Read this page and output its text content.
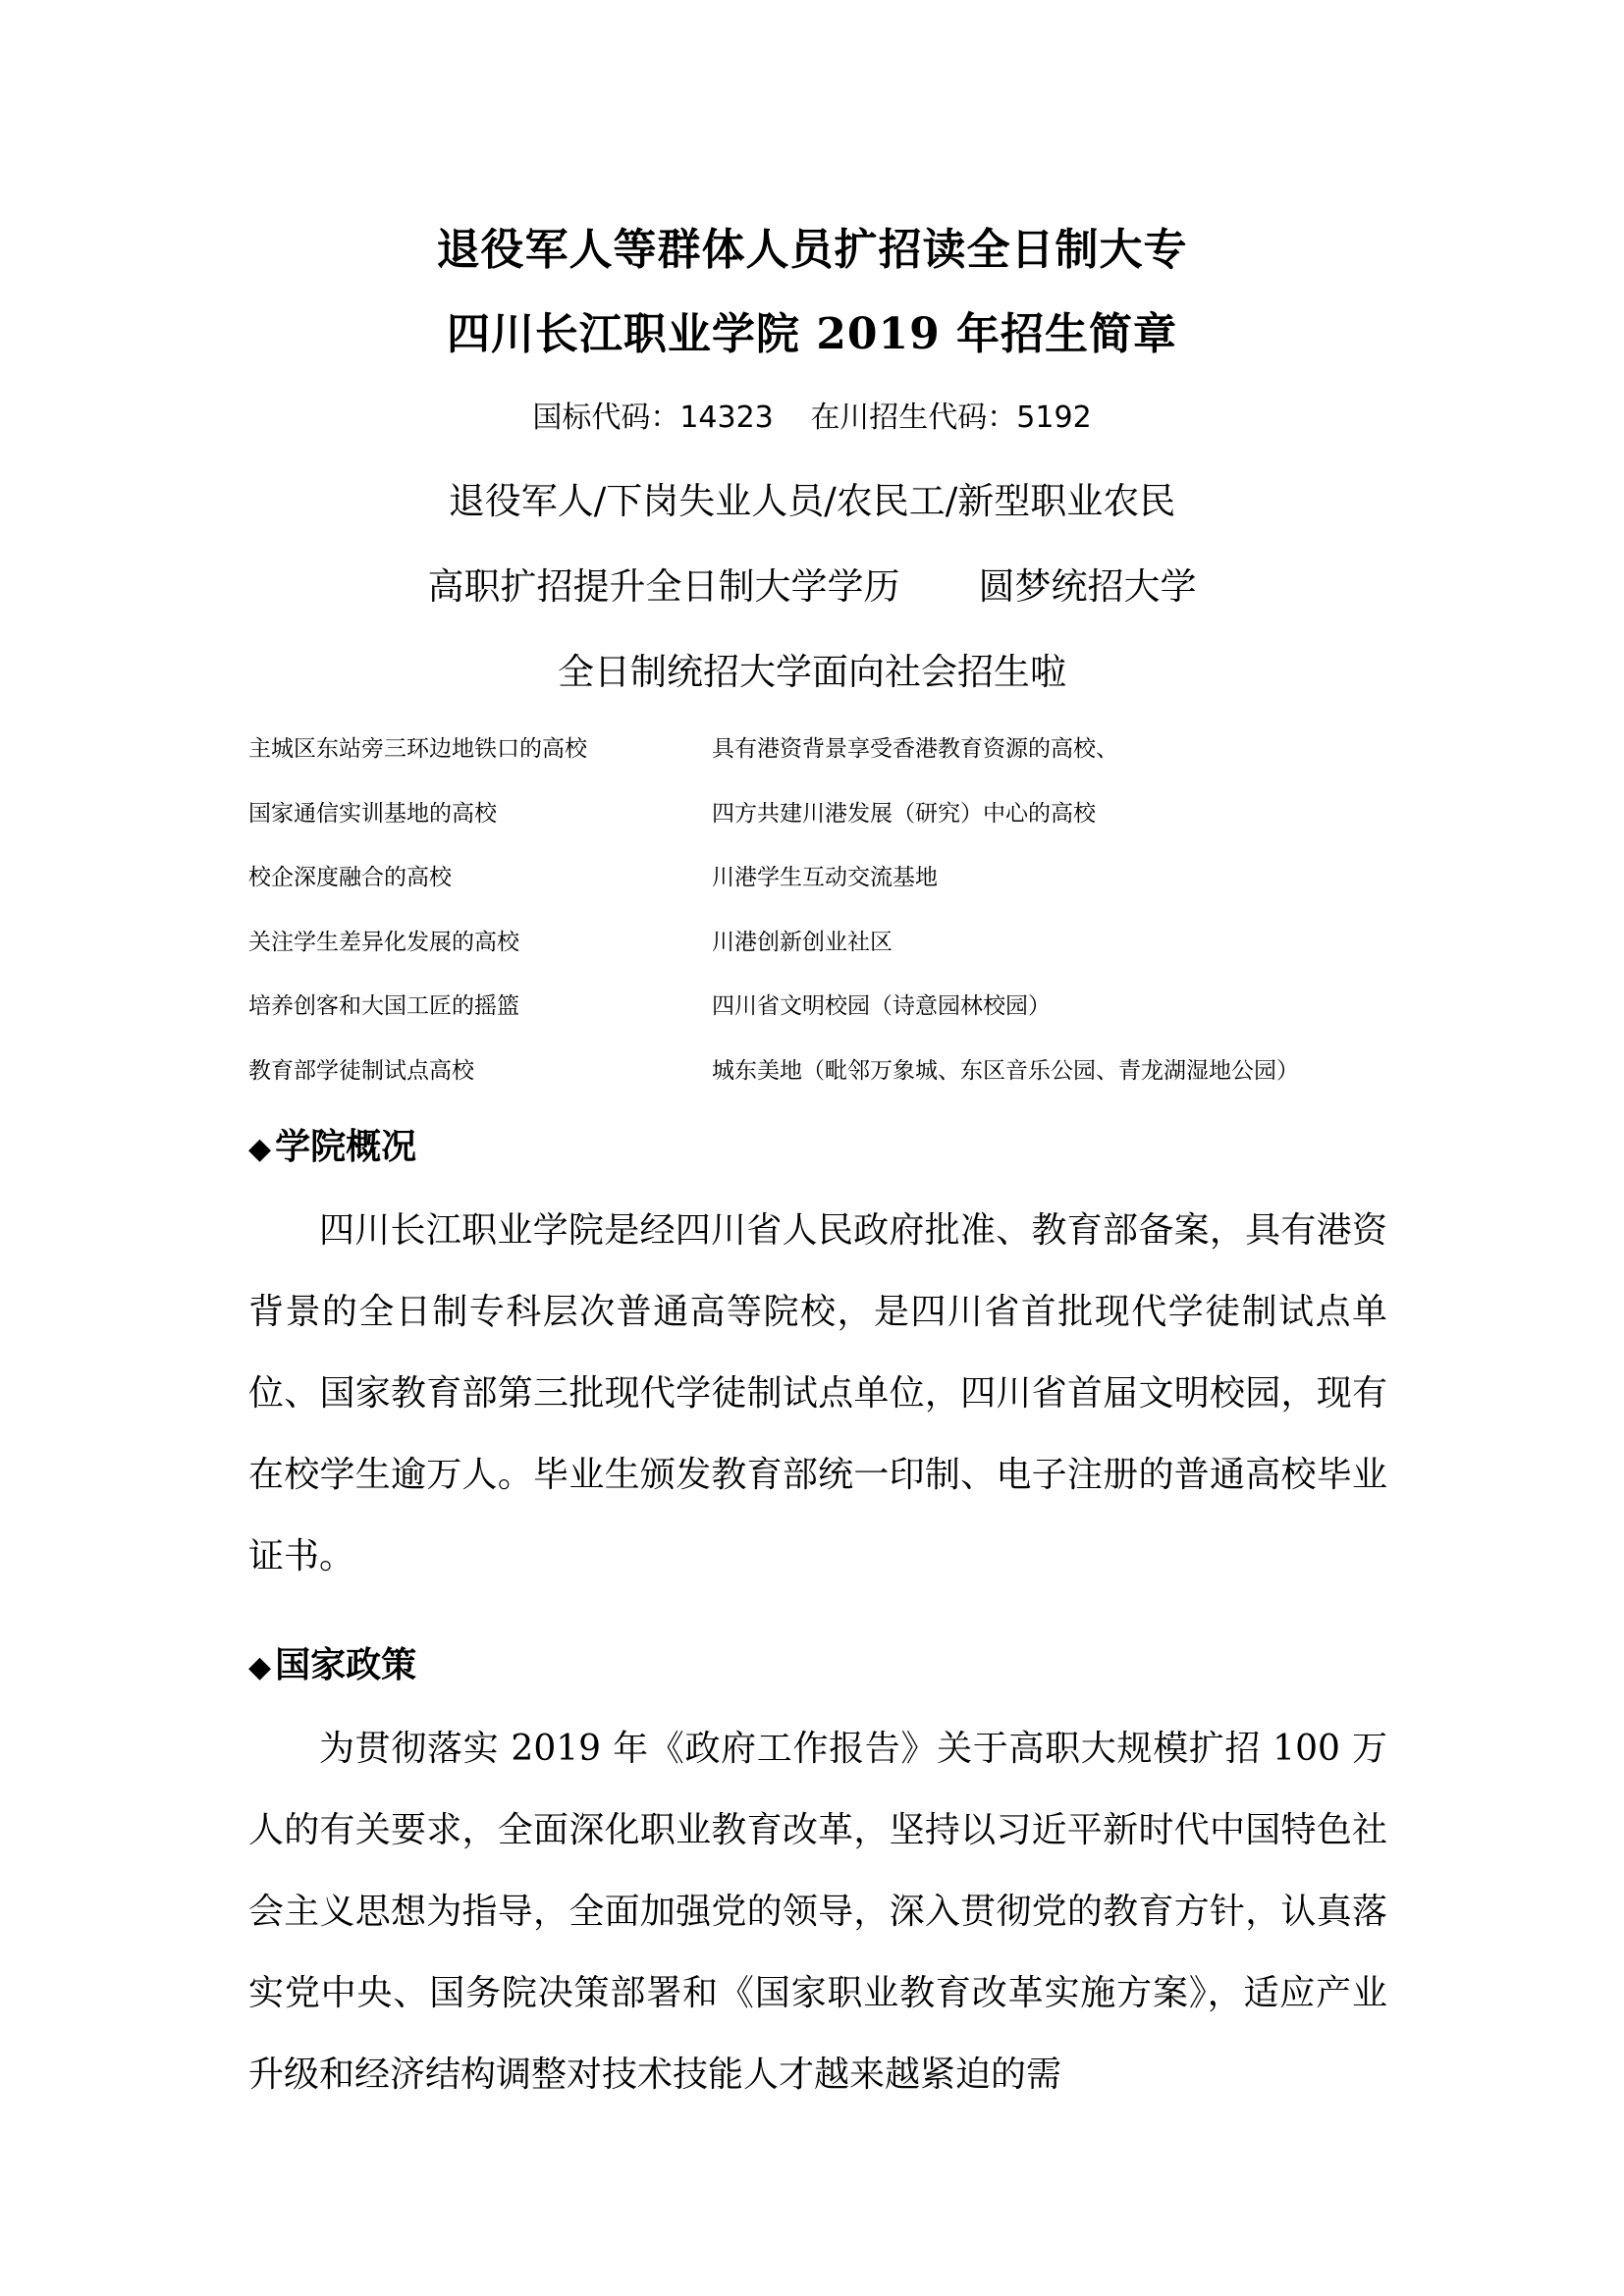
退役军人等群体人员扩招读全日制大专
四川长江职业学院 2019 年招生简章
国标代码：14323 在川招生代码：5192
退役军人/下岗失业人员/农民工/新型职业农民
高职扩招提升全日制大学学历 圆梦统招大学
全日制统招大学面向社会招生啦
主城区东站旁三环边地铁口的高校	具有港资背景享受香港教育资源的高校、
国家通信实训基地的高校	四方共建川港发展（研究）中心的高校
校企深度融合的高校	川港学生互动交流基地
关注学生差异化发展的高校	川港创新创业社区
培养创客和大国工匠的摇篮	四川省文明校园（诗意园林校园）
教育部学徒制试点高校	城东美地（毗邻万象城、东区音乐公园、青龙湖湿地公园）
◆ 学院概况

四川长江职业学院是经四川省人民政府批准、教育部备案，具有港资背景的全日制专科层次普通高等院校，是四川省首批现代学徒制试点单位、国家教育部第三批现代学徒制试点单位，四川省首届文明校园，现有在校学生逾万人。毕业生颁发教育部统一印制、电子注册的普通高校毕业证书。

◆ 国家政策

为贯彻落实 2019 年《政府工作报告》关于高职大规模扩招 100 万人的有关要求，全面深化职业教育改革，坚持以习近平新时代中国特色社会主义思想为指导，全面加强党的领导，深入贯彻党的教育方针，认真落实党中央、国务院决策部署和《国家职业教育改革实施方案》，适应产业升级和经济结构调整对技术技能人才越来越紧迫的需
